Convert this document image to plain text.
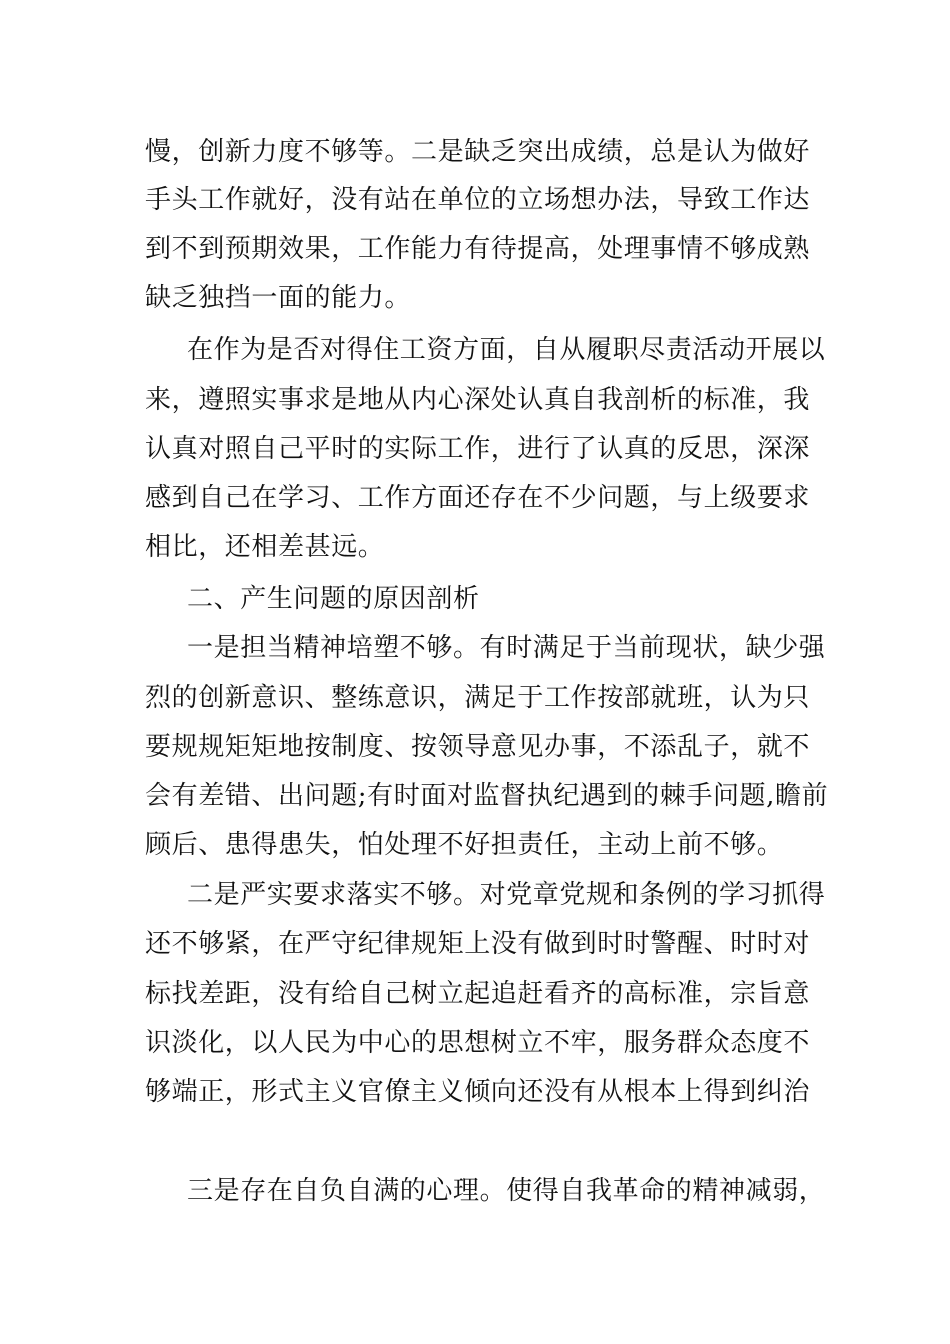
慢，创新力度不够等。二是缺乏突出成绩，总是认为做好
手头工作就好，没有站在单位的立场想办法，导致工作达
到不到预期效果，工作能力有待提高，处理事情不够成熟
缺乏独挡一面的能力。
在作为是否对得住工资方面，自从履职尽责活动开展以
来，遵照实事求是地从内心深处认真自我剖析的标准，我
认真对照自己平时的实际工作，进行了认真的反思，深深
感到自己在学习、工作方面还存在不少问题，与上级要求
相比，还相差甚远。
二、产生问题的原因剖析
一是担当精神培塑不够。有时满足于当前现状，缺少强
烈的创新意识、整练意识，满足于工作按部就班，认为只
要规规矩矩地按制度、按领导意见办事，不添乱子，就不
会有差错、出问题;有时面对监督执纪遇到的棘手问题,瞻前
顾后、患得患失，怕处理不好担责任，主动上前不够。
二是严实要求落实不够。对党章党规和条例的学习抓得
还不够紧，在严守纪律规矩上没有做到时时警醒、时时对
标找差距，没有给自己树立起追赶看齐的高标准，宗旨意
识淡化，以人民为中心的思想树立不牢，服务群众态度不
够端正，形式主义官僚主义倾向还没有从根本上得到纠治
三是存在自负自满的心理。使得自我革命的精神减弱，
